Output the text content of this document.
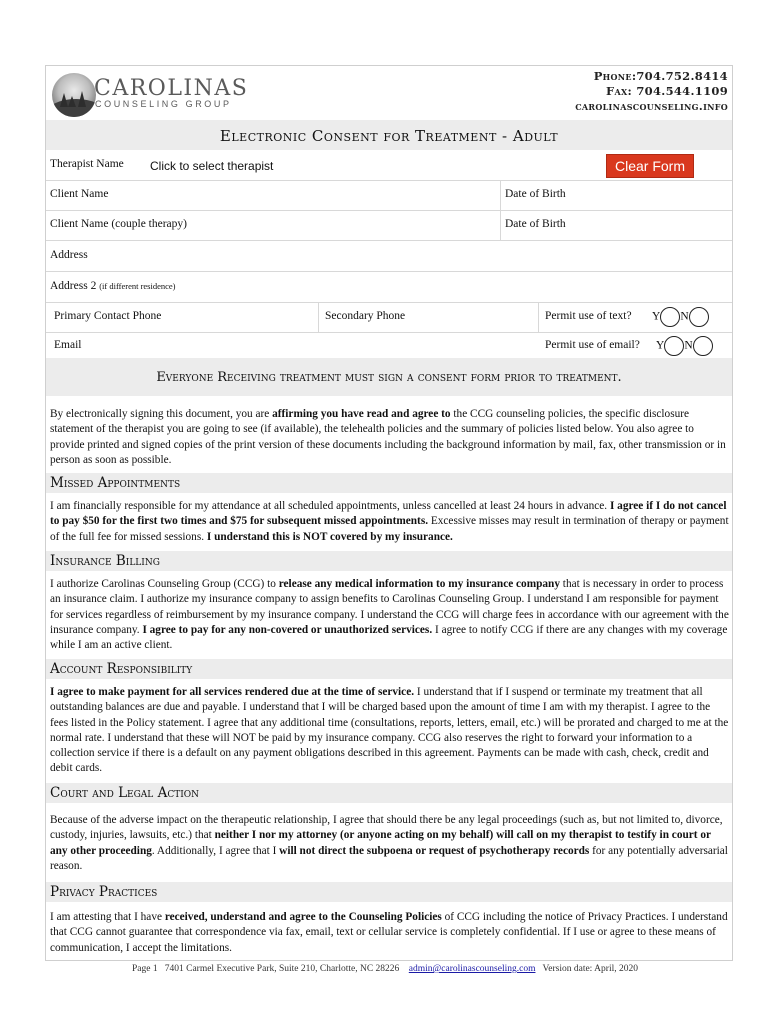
CAROLINAS
COUNSELING GROUP
Phone:704.752.8414
Fax: 704.544.1109
carolinascounseling.info
Electronic Consent for Treatment - Adult
Therapist Name Click to select therapist	Clear Form
Client Name	Date of Birth
Client Name (couple therapy)	Date of Birth
Address
Address 2 (if different residence)
Primary Contact Phone	Secondary Phone	Permit use of text? Y N
Email	Permit use of email? Y N
Everyone Receiving treatment must sign a consent form prior to treatment.
By electronically signing this document, you are affirming you have read and agree to the CCG counseling policies, the specific disclosure statement of the therapist you are going to see (if available), the telehealth policies and the summary of policies listed below. You also agree to provide printed and signed copies of the print version of these documents including the background information by mail, fax, other transmission or in person as soon as possible.
Missed Appointments
I am financially responsible for my attendance at all scheduled appointments, unless cancelled at least 24 hours in advance. I agree if I do not cancel to pay $50 for the first two times and $75 for subsequent missed appointments. Excessive misses may result in termination of therapy or payment of the full fee for missed sessions. I understand this is NOT covered by my insurance.
Insurance Billing
I authorize Carolinas Counseling Group (CCG) to release any medical information to my insurance company that is necessary in order to process an insurance claim. I authorize my insurance company to assign benefits to Carolinas Counseling Group. I understand I am responsible for payment for services regardless of reimbursement by my insurance company. I understand the CCG will charge fees in accordance with our agreement with the insurance company. I agree to pay for any non-covered or unauthorized services. I agree to notify CCG if there are any changes with my coverage while I am an active client.
Account Responsibility
I agree to make payment for all services rendered due at the time of service. I understand that if I suspend or terminate my treatment that all outstanding balances are due and payable. I understand that I will be charged based upon the amount of time I am with my therapist. I agree to the fees listed in the Policy statement. I agree that any additional time (consultations, reports, letters, email, etc.) will be prorated and charged to me at the normal rate. I understand that these will NOT be paid by my insurance company. CCG also reserves the right to forward your information to a collection service if there is a default on any payment obligations described in this agreement. Payments can be made with cash, check, credit and debit cards.
Court and Legal Action
Because of the adverse impact on the therapeutic relationship, I agree that should there be any legal proceedings (such as, but not limited to, divorce, custody, injuries, lawsuits, etc.) that neither I nor my attorney (or anyone acting on my behalf) will call on my therapist to testify in court or any other proceeding. Additionally, I agree that I will not direct the subpoena or request of psychotherapy records for any potentially adversarial reason.
Privacy Practices
I am attesting that I have received, understand and agree to the Counseling Policies of CCG including the notice of Privacy Practices. I understand that CCG cannot guarantee that correspondence via fax, email, text or cellular service is completely confidential. If I use or agree to these means of communication, I accept the limitations.
Page 1 7401 Carmel Executive Park, Suite 210, Charlotte, NC 28226 admin@carolinascounseling.com Version date: April, 2020
